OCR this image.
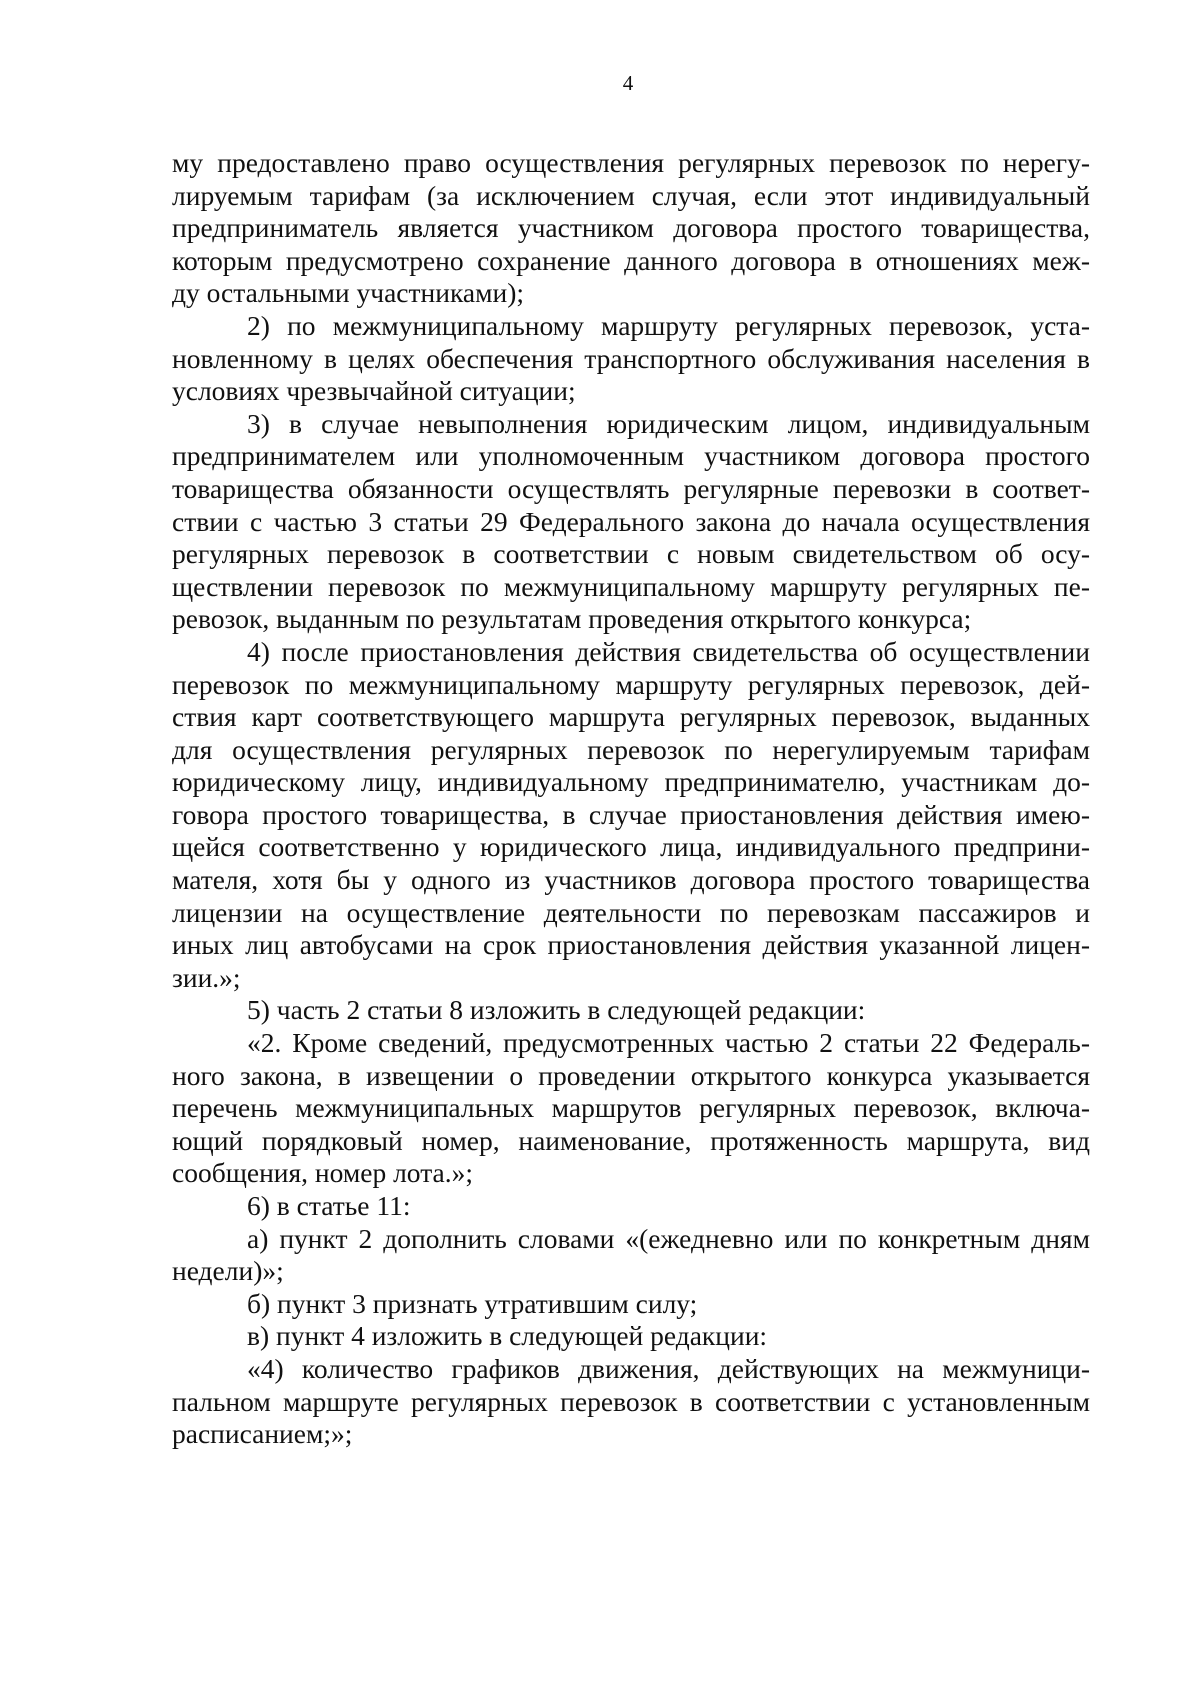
4
му предоставлено право осуществления регулярных перевозок по нерегу-
лируемым тарифам (за исключением случая, если этот индивидуальный
предприниматель является участником договора простого товарищества,
которым предусмотрено сохранение данного договора в отношениях меж-
ду остальными участниками);
2) по межмуниципальному маршруту регулярных перевозок, уста-
новленному в целях обеспечения транспортного обслуживания населения в
условиях чрезвычайной ситуации;
3) в случае невыполнения юридическим лицом, индивидуальным
предпринимателем или уполномоченным участником договора простого
товарищества обязанности осуществлять регулярные перевозки в соответ-
ствии с частью 3 статьи 29 Федерального закона до начала осуществления
регулярных перевозок в соответствии с новым свидетельством об осу-
ществлении перевозок по межмуниципальному маршруту регулярных пе-
ревозок, выданным по результатам проведения открытого конкурса;
4) после приостановления действия свидетельства об осуществлении
перевозок по межмуниципальному маршруту регулярных перевозок, дей-
ствия карт соответствующего маршрута регулярных перевозок, выданных
для осуществления регулярных перевозок по нерегулируемым тарифам
юридическому лицу, индивидуальному предпринимателю, участникам до-
говора простого товарищества, в случае приостановления действия имею-
щейся соответственно у юридического лица, индивидуального предприни-
мателя, хотя бы у одного из участников договора простого товарищества
лицензии на осуществление деятельности по перевозкам пассажиров и
иных лиц автобусами на срок приостановления действия указанной лицен-
зии.»;
5) часть 2 статьи 8 изложить в следующей редакции:
«2. Кроме сведений, предусмотренных частью 2 статьи 22 Федераль-
ного закона, в извещении о проведении открытого конкурса указывается
перечень межмуниципальных маршрутов регулярных перевозок, включа-
ющий порядковый номер, наименование, протяженность маршрута, вид
сообщения, номер лота.»;
6) в статье 11:
а) пункт 2 дополнить словами «(ежедневно или по конкретным дням
недели)»;
б) пункт 3 признать утратившим силу;
в) пункт 4 изложить в следующей редакции:
«4) количество графиков движения, действующих на межмуници-
пальном маршруте регулярных перевозок в соответствии с установленным
расписанием;»;
